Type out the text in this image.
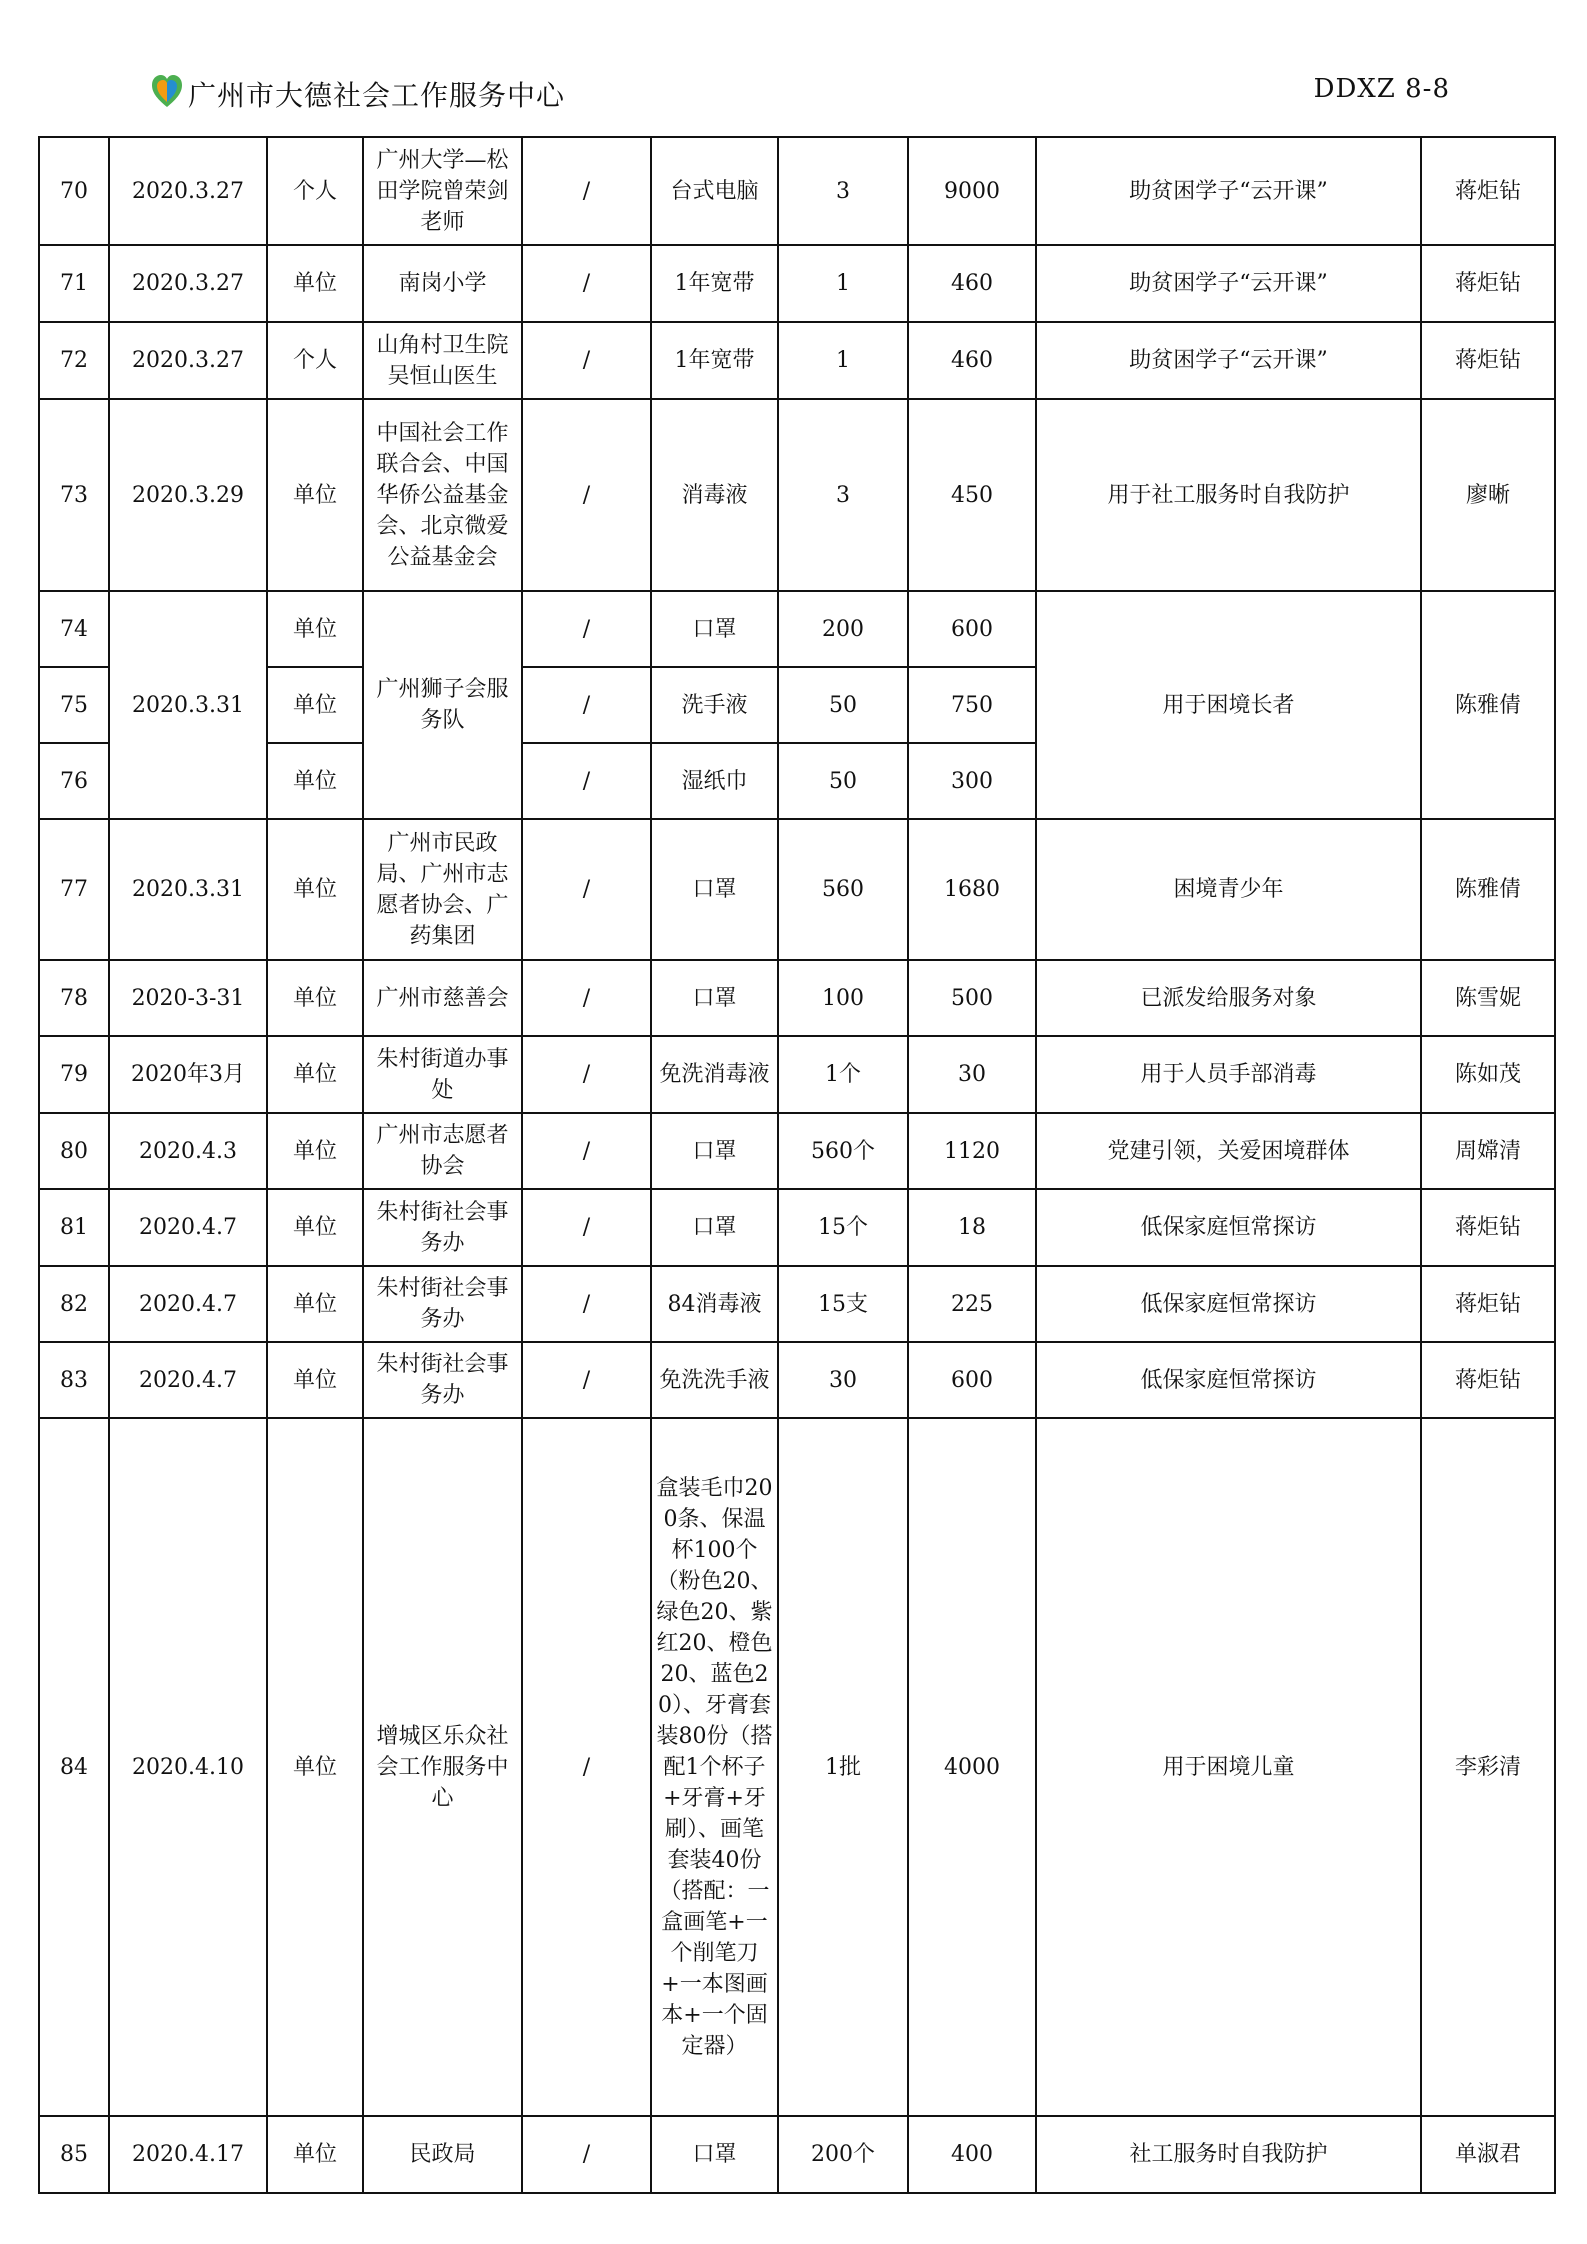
广州市大德社会工作服务中心	DDXZ 8-8
70	2020.3.27	个人	广州大学—松田学院曾荣剑老师	/	台式电脑	3	9000	助贫困学子“云开课”	蒋炬钻
71	2020.3.27	单位	南岗小学	/	1年宽带	1	460	助贫困学子“云开课”	蒋炬钻
72	2020.3.27	个人	山角村卫生院吴恒山医生	/	1年宽带	1	460	助贫困学子“云开课”	蒋炬钻
73	2020.3.29	单位	中国社会工作联合会、中国华侨公益基金会、北京微爱公益基金会	/	消毒液	3	450	用于社工服务时自我防护	廖晰
74	2020.3.31	单位	广州狮子会服务队	/	口罩	200	600	用于困境长者	陈雅倩
75		单位		/	洗手液	50	750		
76		单位		/	湿纸巾	50	300		
77	2020.3.31	单位	广州市民政局、广州市志愿者协会、广药集团	/	口罩	560	1680	困境青少年	陈雅倩
78	2020-3-31	单位	广州市慈善会	/	口罩	100	500	已派发给服务对象	陈雪妮
79	2020年3月	单位	朱村街道办事处	/	免洗消毒液	1个	30	用于人员手部消毒	陈如茂
80	2020.4.3	单位	广州市志愿者协会	/	口罩	560个	1120	党建引领，关爱困境群体	周嫦清
81	2020.4.7	单位	朱村街社会事务办	/	口罩	15个	18	低保家庭恒常探访	蒋炬钻
82	2020.4.7	单位	朱村街社会事务办	/	84消毒液	15支	225	低保家庭恒常探访	蒋炬钻
83	2020.4.7	单位	朱村街社会事务办	/	免洗洗手液	30	600	低保家庭恒常探访	蒋炬钻
84	2020.4.10	单位	增城区乐众社会工作服务中心	/	盒装毛巾200条、保温杯100个（粉色20、绿色20、紫红20、橙色20、蓝色20）、牙膏套装80份（搭配1个杯子+牙膏+牙刷）、画笔套装40份（搭配：一盒画笔+一个削笔刀+一本图画本+一个固定器）	1批	4000	用于困境儿童	李彩清
85	2020.4.17	单位	民政局	/	口罩	200个	400	社工服务时自我防护	单淑君
